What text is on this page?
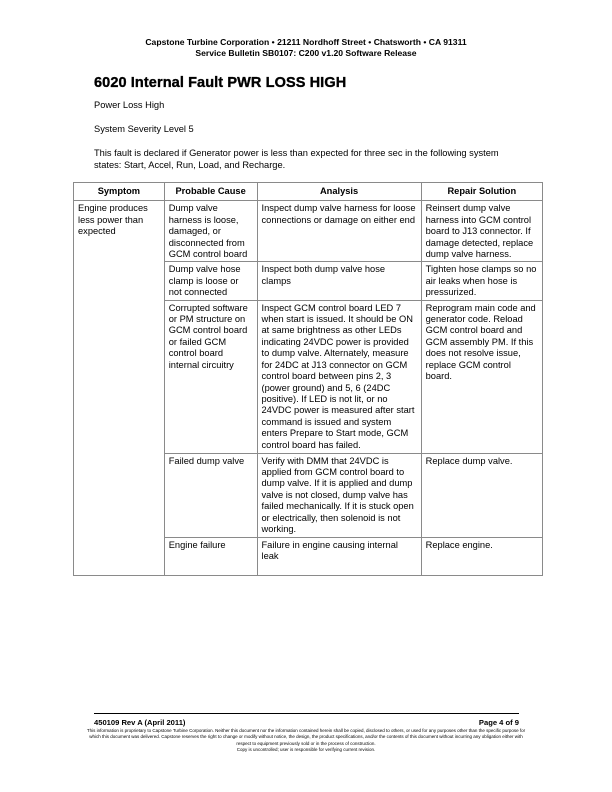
Capstone Turbine Corporation • 21211 Nordhoff Street • Chatsworth • CA 91311
Service Bulletin SB0107: C200 v1.20 Software Release
6020 Internal Fault PWR LOSS HIGH
Power Loss High
System Severity Level 5
This fault is declared if Generator power is less than expected for three sec in the following system states: Start, Accel, Run, Load, and Recharge.
Symptom	Probable Cause	Analysis	Repair Solution
Engine produces less power than expected	Dump valve harness is loose, damaged, or disconnected from GCM control board	Inspect dump valve harness for loose connections or damage on either end	Reinsert dump valve harness into GCM control board to J13 connector. If damage detected, replace dump valve harness.
	Dump valve hose clamp is loose or not connected	Inspect both dump valve hose clamps	Tighten hose clamps so no air leaks when hose is pressurized.
	Corrupted software or PM structure on GCM control board or failed GCM control board internal circuitry	Inspect GCM control board LED 7 when start is issued. It should be ON at same brightness as other LEDs indicating 24VDC power is provided to dump valve. Alternately, measure for 24DC at J13 connector on GCM control board between pins 2, 3 (power ground) and 5, 6 (24DC positive). If LED is not lit, or no 24VDC power is measured after start command is issued and system enters Prepare to Start mode, GCM control board has failed.	Reprogram main code and generator code. Reload GCM control board and GCM assembly PM. If this does not resolve issue, replace GCM control board.
	Failed dump valve	Verify with DMM that 24VDC is applied from GCM control board to dump valve. If it is applied and dump valve is not closed, dump valve has failed mechanically. If it is stuck open or electrically, then solenoid is not working.	Replace dump valve.
	Engine failure	Failure in engine causing internal leak	Replace engine.
450109 Rev A (April 2011)	Page 4 of 9
This information is proprietary to Capstone Turbine Corporation. Neither this document nor the information contained herein shall be copied, disclosed to others, or used for any purposes other than the specific purpose for which this document was delivered. Capstone reserves the right to change or modify without notice, the design, the product specifications, and/or the contents of this document without incurring any obligation either with respect to equipment previously sold or in the process of construction.
Copy is uncontrolled; user is responsible for verifying current revision.
